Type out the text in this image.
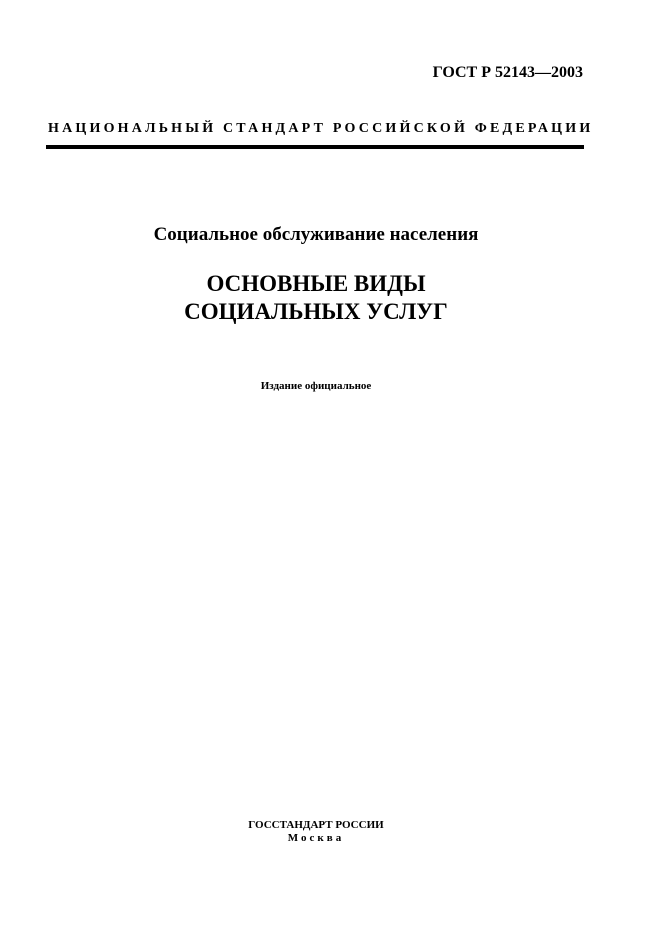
ГОСТ Р 52143—2003
НАЦИОНАЛЬНЫЙ СТАНДАРТ РОССИЙСКОЙ ФЕДЕРАЦИИ
Социальное обслуживание населения
ОСНОВНЫЕ ВИДЫ
СОЦИАЛЬНЫХ УСЛУГ
Издание официальное
ГОССТАНДАРТ РОССИИ
Москва
